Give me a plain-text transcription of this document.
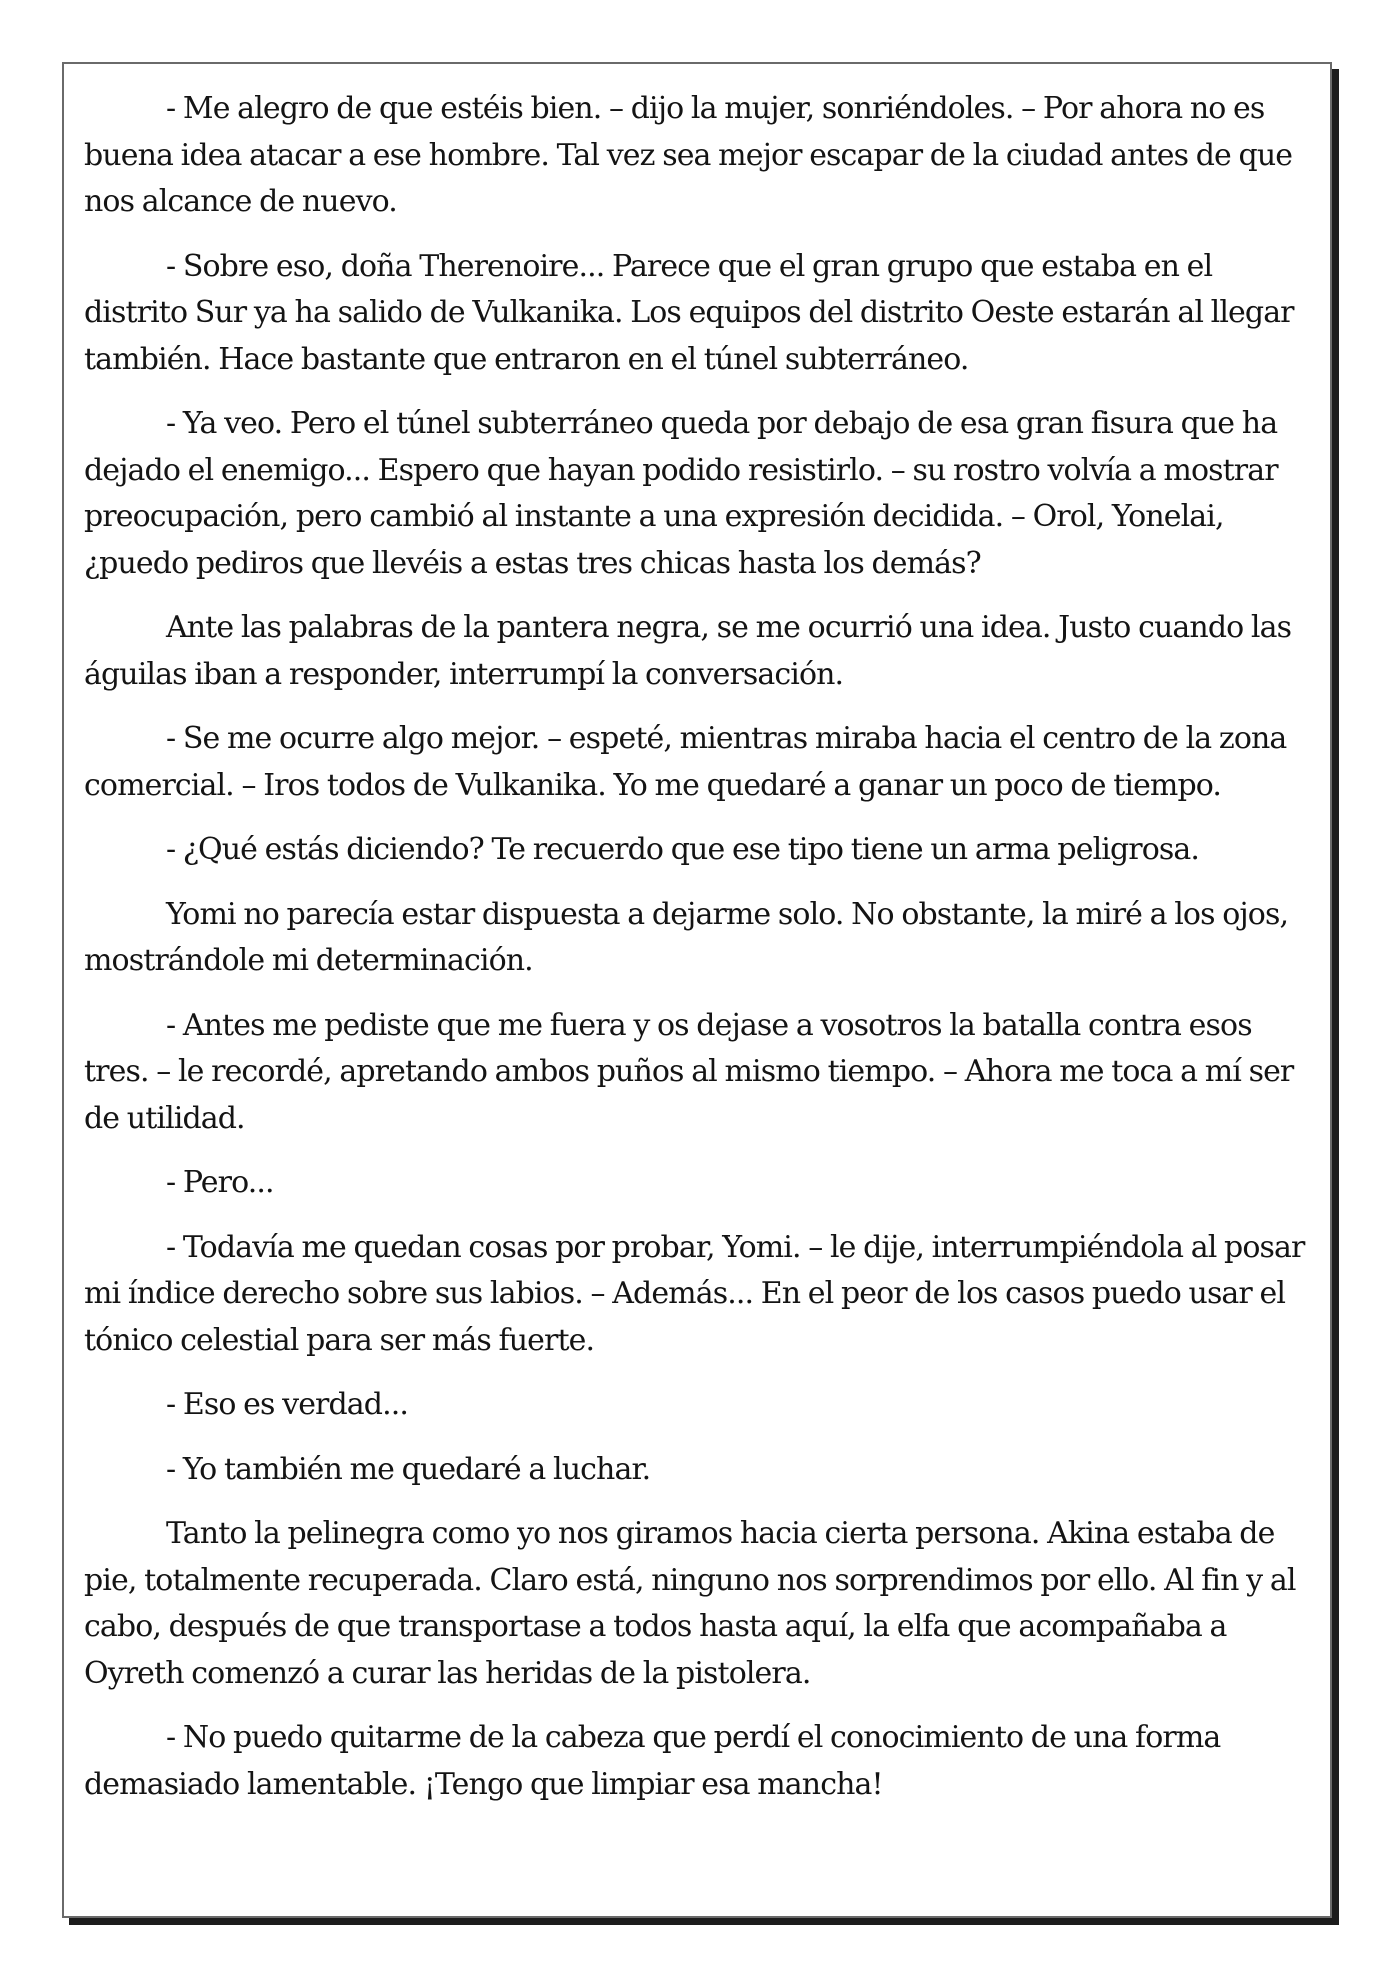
- Me alegro de que estéis bien. – dijo la mujer, sonriéndoles. – Por ahora no es buena idea atacar a ese hombre. Tal vez sea mejor escapar de la ciudad antes de que nos alcance de nuevo.

- Sobre eso, doña Therenoire... Parece que el gran grupo que estaba en el distrito Sur ya ha salido de Vulkanika. Los equipos del distrito Oeste estarán al llegar también. Hace bastante que entraron en el túnel subterráneo.

- Ya veo. Pero el túnel subterráneo queda por debajo de esa gran fisura que ha dejado el enemigo... Espero que hayan podido resistirlo. – su rostro volvía a mostrar preocupación, pero cambió al instante a una expresión decidida. – Orol, Yonelai, ¿puedo pediros que llevéis a estas tres chicas hasta los demás?

Ante las palabras de la pantera negra, se me ocurrió una idea. Justo cuando las águilas iban a responder, interrumpí la conversación.

- Se me ocurre algo mejor. – espeté, mientras miraba hacia el centro de la zona comercial. – Iros todos de Vulkanika. Yo me quedaré a ganar un poco de tiempo.

- ¿Qué estás diciendo? Te recuerdo que ese tipo tiene un arma peligrosa.

Yomi no parecía estar dispuesta a dejarme solo. No obstante, la miré a los ojos, mostrándole mi determinación.

- Antes me pediste que me fuera y os dejase a vosotros la batalla contra esos tres. – le recordé, apretando ambos puños al mismo tiempo. – Ahora me toca a mí ser de utilidad.

- Pero...

- Todavía me quedan cosas por probar, Yomi. – le dije, interrumpiéndola al posar mi índice derecho sobre sus labios. – Además... En el peor de los casos puedo usar el tónico celestial para ser más fuerte.

- Eso es verdad...

- Yo también me quedaré a luchar.

Tanto la pelinegra como yo nos giramos hacia cierta persona. Akina estaba de pie, totalmente recuperada. Claro está, ninguno nos sorprendimos por ello. Al fin y al cabo, después de que transportase a todos hasta aquí, la elfa que acompañaba a Oyreth comenzó a curar las heridas de la pistolera.

- No puedo quitarme de la cabeza que perdí el conocimiento de una forma demasiado lamentable. ¡Tengo que limpiar esa mancha!
